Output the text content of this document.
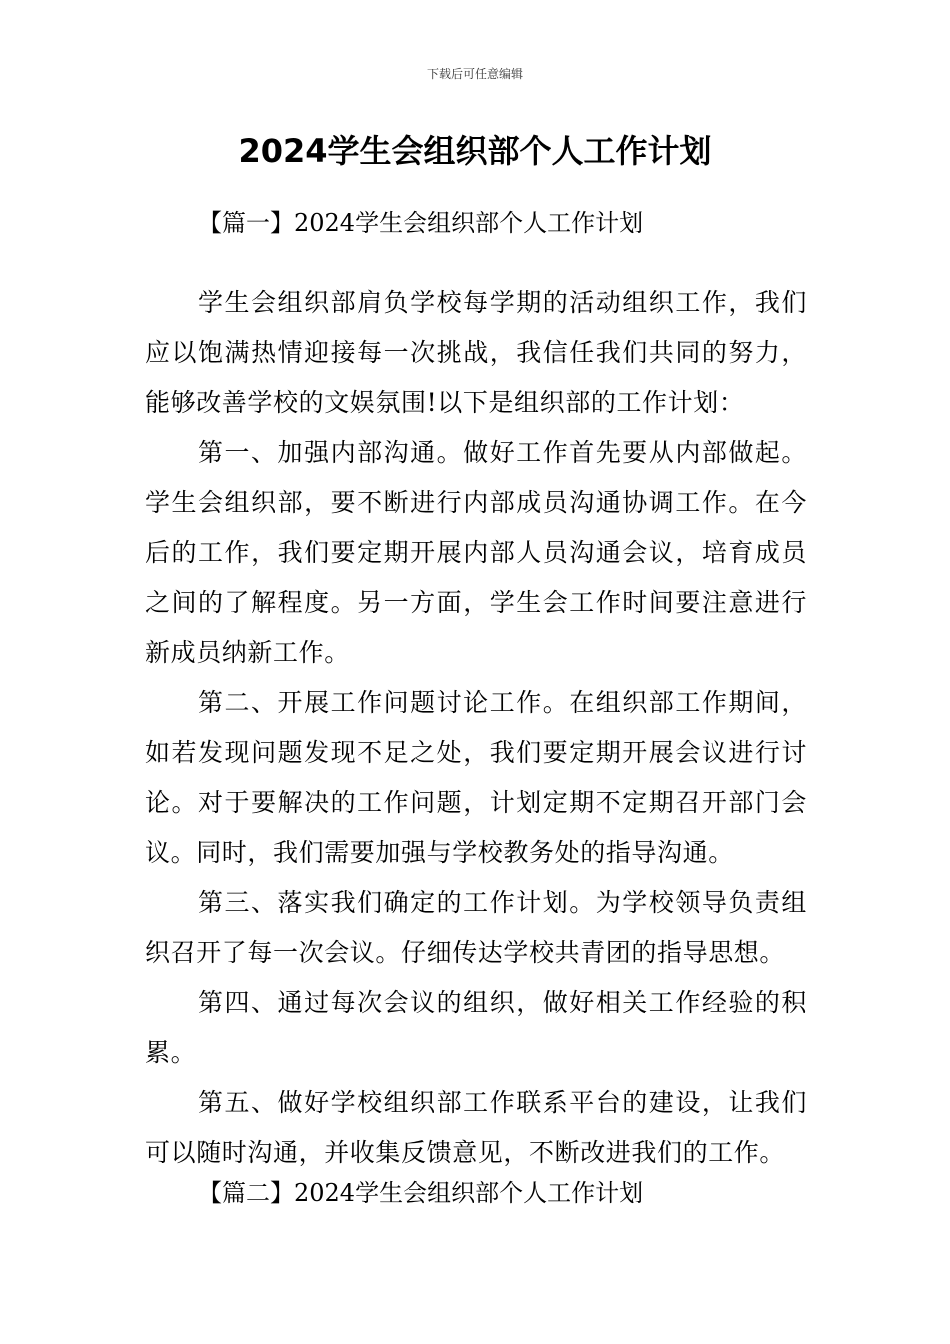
下载后可任意编辑
2024学生会组织部个人工作计划

【篇一】2024学生会组织部个人工作计划

学生会组织部肩负学校每学期的活动组织工作，我们应以饱满热情迎接每一次挑战，我信任我们共同的努力，能够改善学校的文娱氛围!以下是组织部的工作计划：

第一、加强内部沟通。做好工作首先要从内部做起。学生会组织部，要不断进行内部成员沟通协调工作。在今后的工作，我们要定期开展内部人员沟通会议，培育成员之间的了解程度。另一方面，学生会工作时间要注意进行新成员纳新工作。

第二、开展工作问题讨论工作。在组织部工作期间，如若发现问题发现不足之处，我们要定期开展会议进行讨论。对于要解决的工作问题，计划定期不定期召开部门会议。同时，我们需要加强与学校教务处的指导沟通。

第三、落实我们确定的工作计划。为学校领导负责组织召开了每一次会议。仔细传达学校共青团的指导思想。

第四、通过每次会议的组织，做好相关工作经验的积累。

第五、做好学校组织部工作联系平台的建设，让我们可以随时沟通，并收集反馈意见，不断改进我们的工作。

【篇二】2024学生会组织部个人工作计划
